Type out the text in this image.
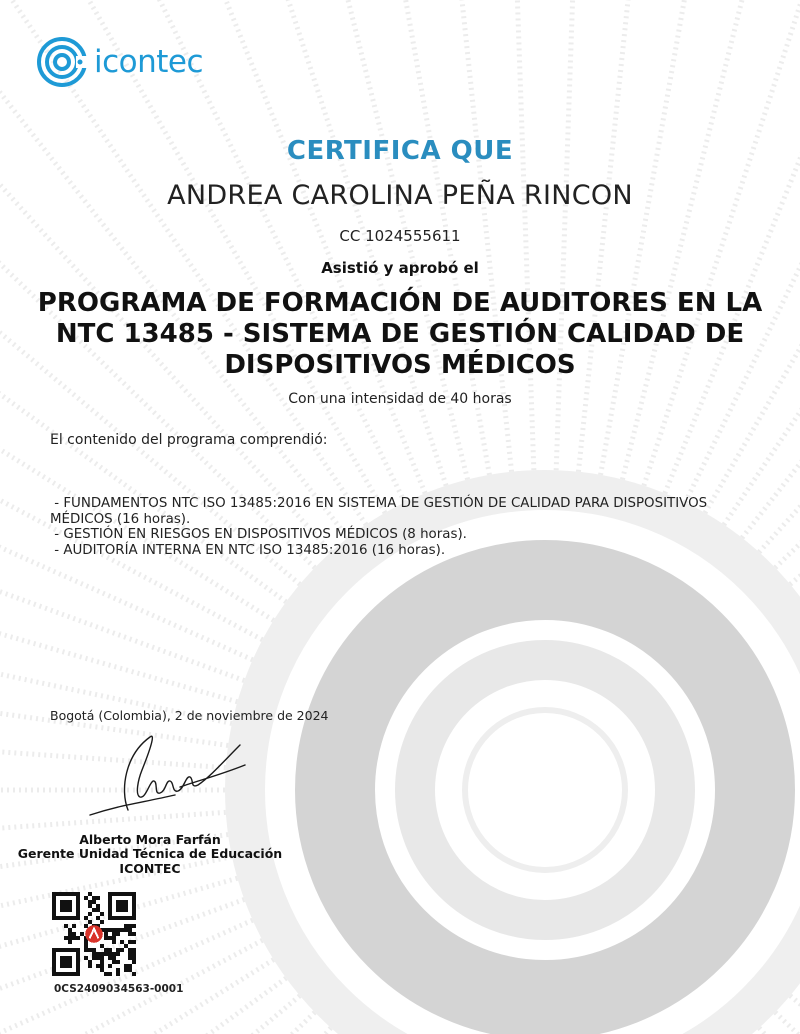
icontec
CERTIFICA QUE
ANDREA CAROLINA PEÑA RINCON
CC 1024555611
Asistió y aprobó el
PROGRAMA DE FORMACIÓN DE AUDITORES EN LA
NTC 13485 - SISTEMA DE GESTIÓN CALIDAD DE
DISPOSITIVOS MÉDICOS
Con una intensidad de 40 horas
El contenido del programa comprendió:
- FUNDAMENTOS NTC ISO 13485:2016 EN SISTEMA DE GESTIÓN DE CALIDAD PARA DISPOSITIVOS
MÉDICOS (16 horas).
- GESTIÓN EN RIESGOS EN DISPOSITIVOS MÉDICOS (8 horas).
- AUDITORÍA INTERNA EN NTC ISO 13485:2016 (16 horas).
Bogotá (Colombia), 2 de noviembre de 2024
Alberto Mora Farfán
Gerente Unidad Técnica de Educación ICONTEC
0CS2409034563-0001
